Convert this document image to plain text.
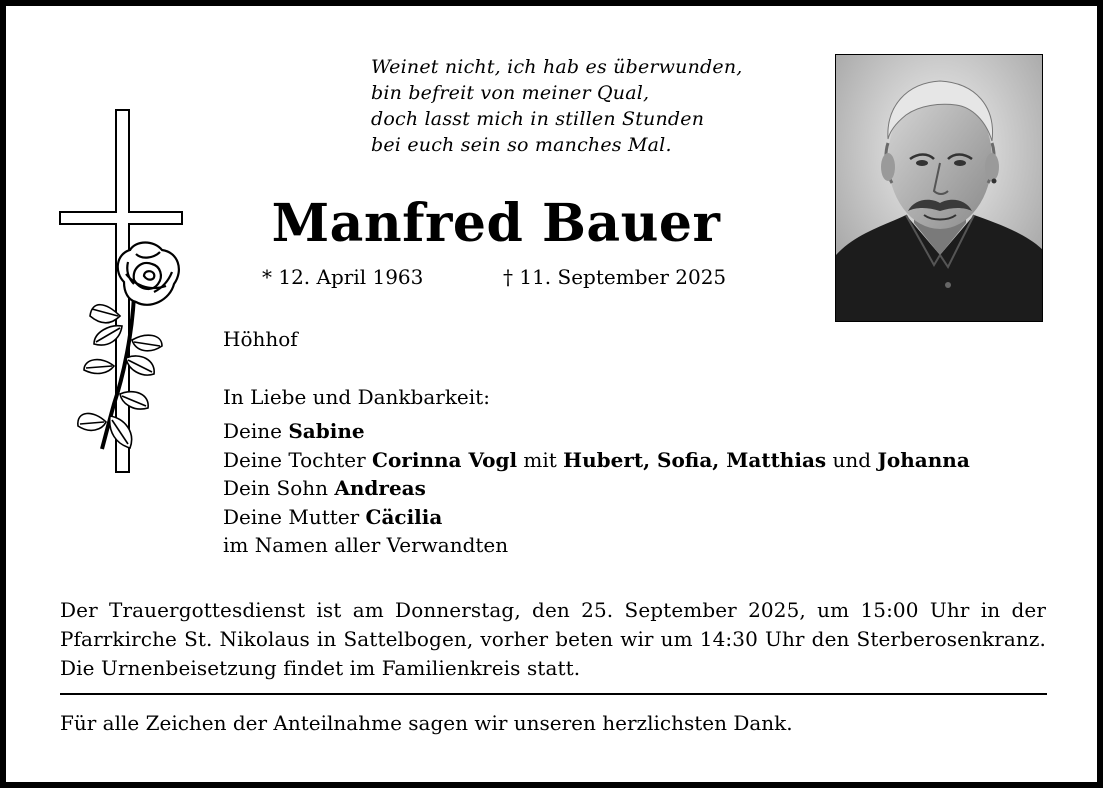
Weinet nicht, ich hab es überwunden,
bin befreit von meiner Qual,
doch lasst mich in stillen Stunden
bei euch sein so manches Mal.
Manfred Bauer
* 12. April 1963	† 11. September 2025
Höhhof
In Liebe und Dankbarkeit:
Deine Sabine
Deine Tochter Corinna Vogl mit Hubert, Sofia, Matthias und Johanna
Dein Sohn Andreas
Deine Mutter Cäcilia
im Namen aller Verwandten
Der Trauergottesdienst ist am Donnerstag, den 25. September 2025, um 15:00 Uhr in der Pfarrkirche St. Nikolaus in Sattelbogen, vorher beten wir um 14:30 Uhr den Sterberosenkranz. Die Urnenbeisetzung findet im Familienkreis statt.
Für alle Zeichen der Anteilnahme sagen wir unseren herzlichsten Dank.
